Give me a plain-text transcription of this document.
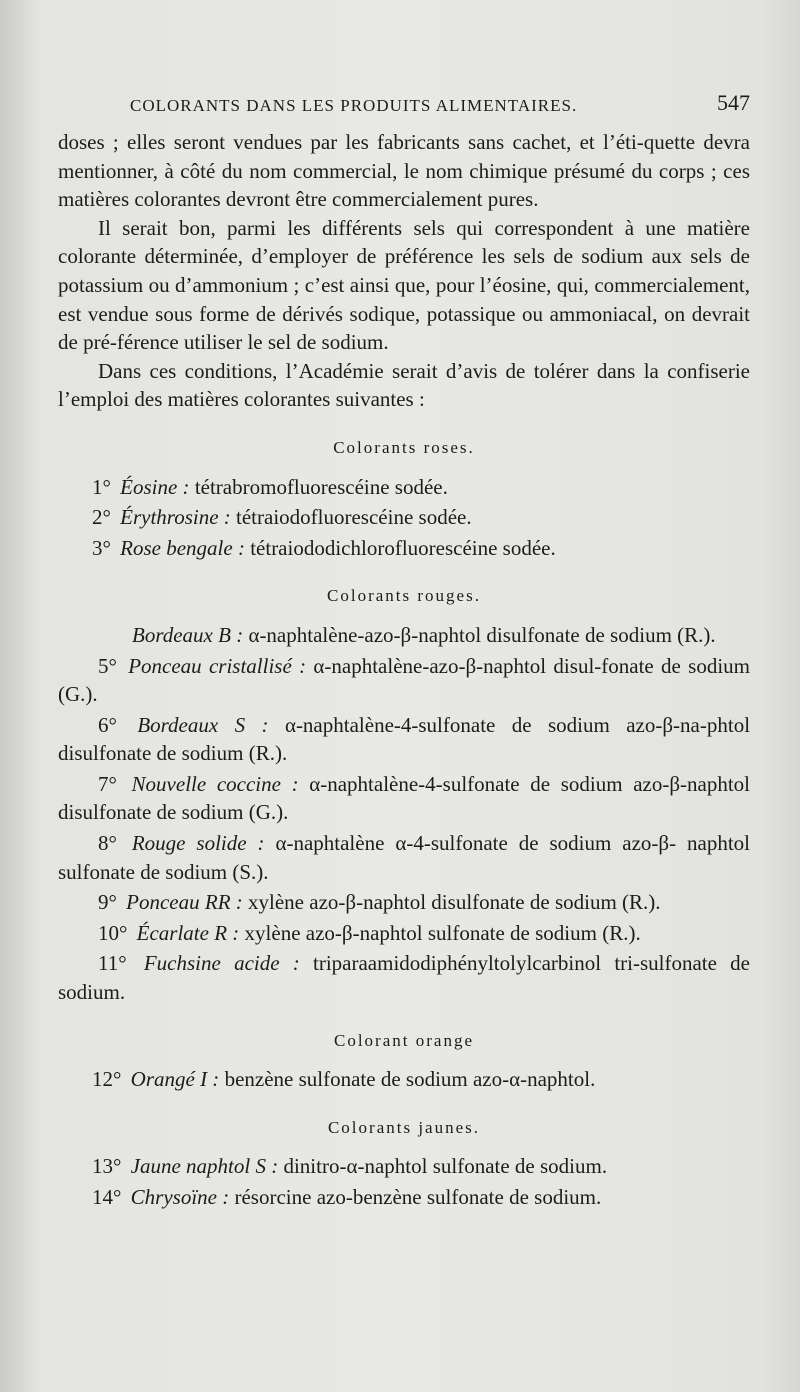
COLORANTS DANS LES PRODUITS ALIMENTAIRES.	547

doses ; elles seront vendues par les fabricants sans cachet, et l’éti-quette devra mentionner, à côté du nom commercial, le nom chimique présumé du corps ; ces matières colorantes devront être commercialement pures.

Il serait bon, parmi les différents sels qui correspondent à une matière colorante déterminée, d’employer de préférence les sels de sodium aux sels de potassium ou d’ammonium ; c’est ainsi que, pour l’éosine, qui, commercialement, est vendue sous forme de dérivés sodique, potassique ou ammoniacal, on devrait de pré-férence utiliser le sel de sodium.

Dans ces conditions, l’Académie serait d’avis de tolérer dans la confiserie l’emploi des matières colorantes suivantes :

Colorants roses.
1° Éosine : tétrabromofluorescéine sodée.
2° Érythrosine : tétraiodofluorescéine sodée.
3° Rose bengale : tétraiododichlorofluorescéine sodée.
Colorants rouges.
Bordeaux B : α-naphtalène-azo-β-naphtol disulfonate de sodium (R.).
5° Ponceau cristallisé : α-naphtalène-azo-β-naphtol disul-fonate de sodium (G.).
6° Bordeaux S : α-naphtalène-4-sulfonate de sodium azo-β-na-phtol disulfonate de sodium (R.).
7° Nouvelle coccine : α-naphtalène-4-sulfonate de sodium azo-β-naphtol disulfonate de sodium (G.).
8° Rouge solide : α-naphtalène α-4-sulfonate de sodium azo-β- naphtol sulfonate de sodium (S.).
9° Ponceau RR : xylène azo-β-naphtol disulfonate de sodium (R.).
10° Écarlate R : xylène azo-β-naphtol sulfonate de sodium (R.).
11° Fuchsine acide : triparaamidodiphényltolylcarbinol tri-sulfonate de sodium.
Colorant orange
12° Orangé I : benzène sulfonate de sodium azo-α-naphtol.
Colorants jaunes.
13° Jaune naphtol S : dinitro-α-naphtol sulfonate de sodium.
14° Chrysoïne : résorcine azo-benzène sulfonate de sodium.
